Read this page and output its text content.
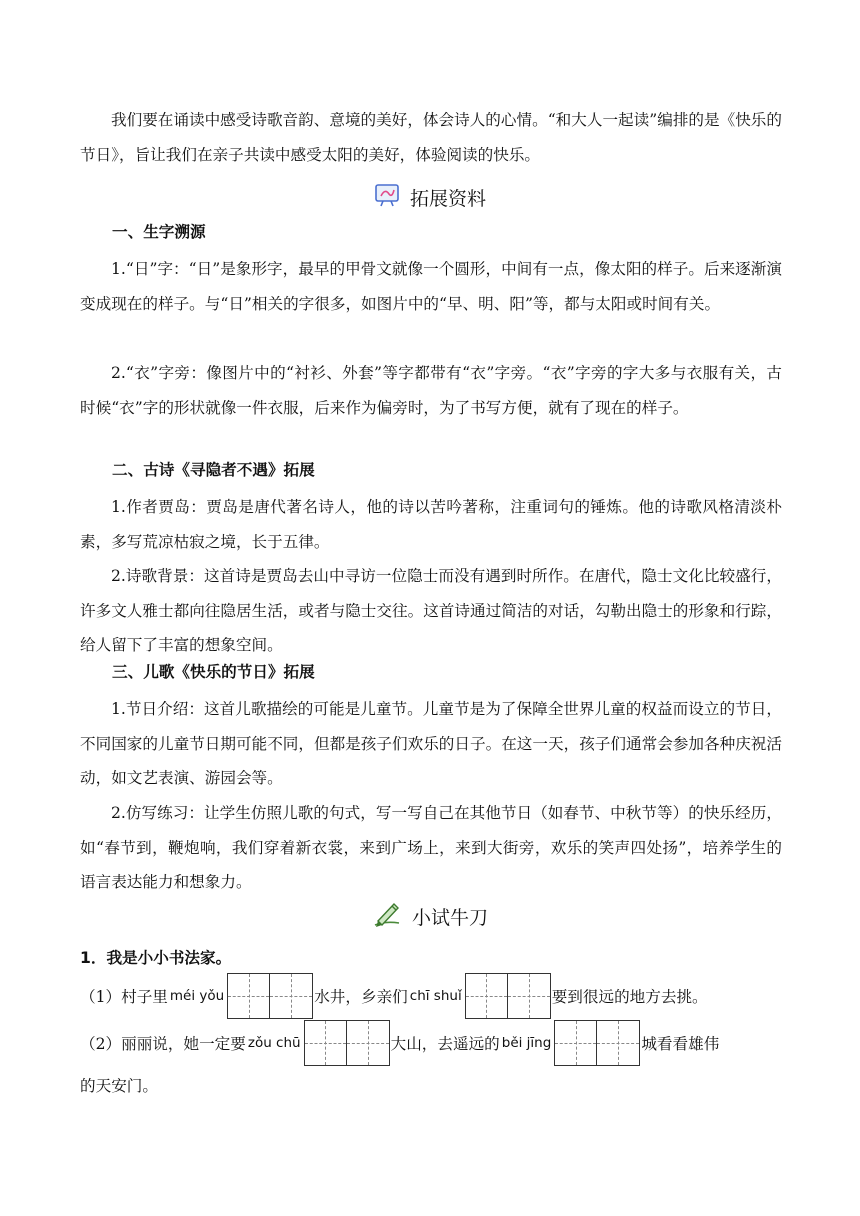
我们要在诵读中感受诗歌音韵、意境的美好，体会诗人的心情。“和大人一起读”编排的是《快乐的节日》，旨让我们在亲子共读中感受太阳的美好，体验阅读的快乐。

拓展资料
一、生字溯源

1.“日”字：“日”是象形字，最早的甲骨文就像一个圆形，中间有一点，像太阳的样子。后来逐渐演变成现在的样子。与“日”相关的字很多，如图片中的“早、明、阳”等，都与太阳或时间有关。

2.“衣”字旁：像图片中的“衬衫、外套”等字都带有“衣”字旁。“衣”字旁的字大多与衣服有关，古时候“衣”字的形状就像一件衣服，后来作为偏旁时，为了书写方便，就有了现在的样子。

二、古诗《寻隐者不遇》拓展

1.作者贾岛：贾岛是唐代著名诗人，他的诗以苦吟著称，注重词句的锤炼。他的诗歌风格清淡朴素，多写荒凉枯寂之境，长于五律。

2.诗歌背景：这首诗是贾岛去山中寻访一位隐士而没有遇到时所作。在唐代，隐士文化比较盛行，许多文人雅士都向往隐居生活，或者与隐士交往。这首诗通过简洁的对话，勾勒出隐士的形象和行踪，给人留下了丰富的想象空间。

三、儿歌《快乐的节日》拓展

1.节日介绍：这首儿歌描绘的可能是儿童节。儿童节是为了保障全世界儿童的权益而设立的节日，不同国家的儿童节日期可能不同，但都是孩子们欢乐的日子。在这一天，孩子们通常会参加各种庆祝活动，如文艺表演、游园会等。

2.仿写练习：让学生仿照儿歌的句式，写一写自己在其他节日（如春节、中秋节等）的快乐经历，如“春节到，鞭炮响，我们穿着新衣裳，来到广场上，来到大街旁，欢乐的笑声四处扬”，培养学生的语言表达能力和想象力。

小试牛刀
1．我是小小书法家。
（1）村子里 méi yǒu	水井，乡亲们 chī shuǐ	要到很远的地方去挑。
（2）丽丽说，她一定要 zǒu chū	大山，去遥远的 běi jīng	城看看雄伟
的天安门。
